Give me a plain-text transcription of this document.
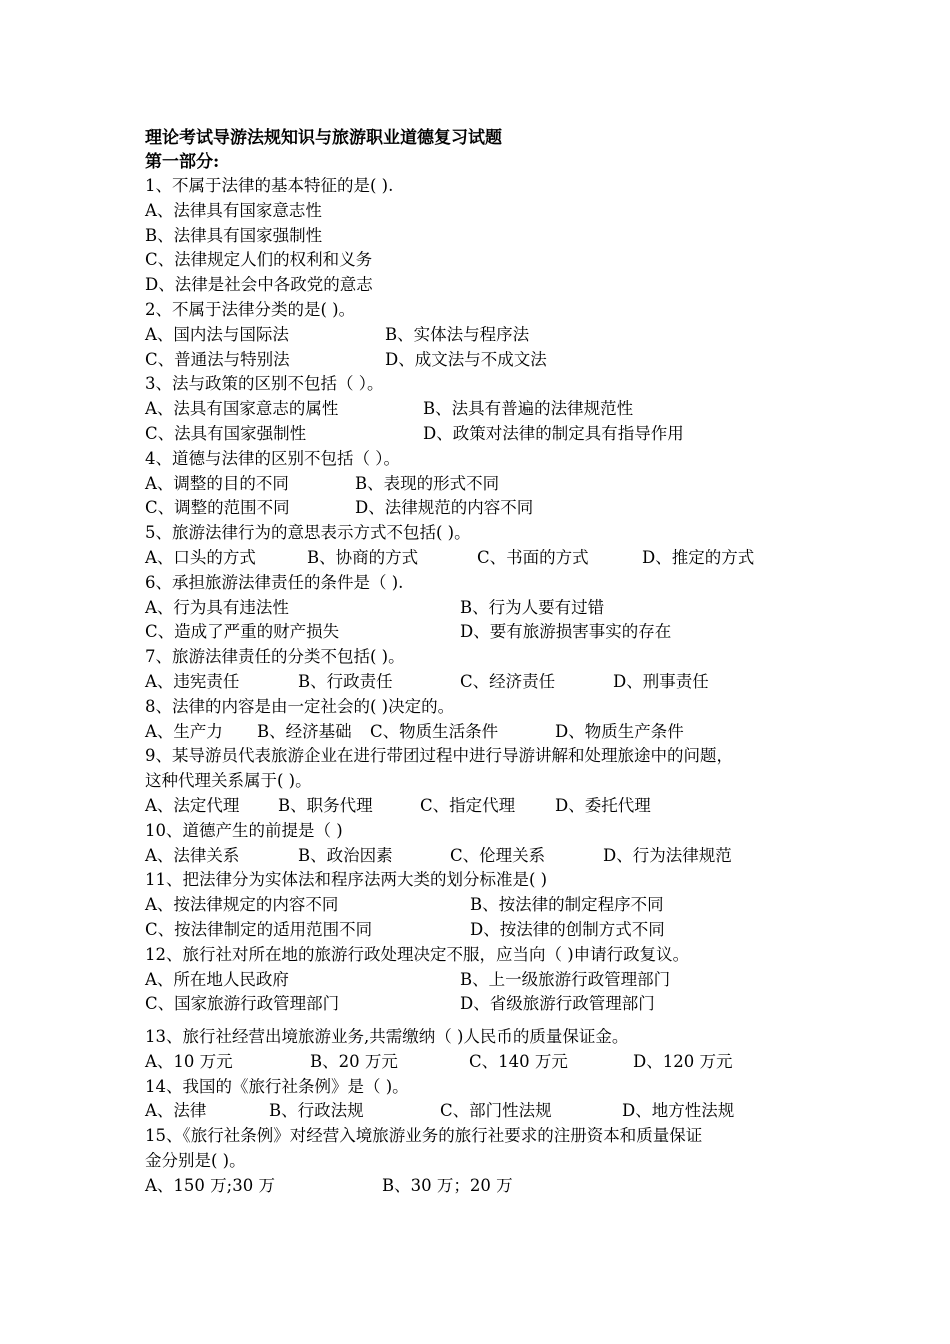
理论考试导游法规知识与旅游职业道德复习试题
第一部分:
1、不属于法律的基本特征的是( ).
A、法律具有国家意志性
B、法律具有国家强制性
C、法律规定人们的权利和义务
D、法律是社会中各政党的意志
2、不属于法律分类的是( )。
A、国内法与国际法	B、实体法与程序法
C、普通法与特别法	D、成文法与不成文法
3、法与政策的区别不包括（ ）。
A、法具有国家意志的属性	B、法具有普遍的法律规范性
C、法具有国家强制性	D、政策对法律的制定具有指导作用
4、道德与法律的区别不包括（ ）。
A、调整的目的不同	B、表现的形式不同
C、调整的范围不同	D、法律规范的内容不同
5、旅游法律行为的意思表示方式不包括( )。
A、口头的方式	B、协商的方式	C、书面的方式	D、推定的方式
6、承担旅游法律责任的条件是（ ).
A、行为具有违法性	B、行为人要有过错
C、造成了严重的财产损失	D、要有旅游损害事实的存在
7、旅游法律责任的分类不包括( )。
A、违宪责任	B、行政责任	C、经济责任	D、刑事责任
8、法律的内容是由一定社会的( )决定的。
A、生产力 B、经济基础 C、物质生活条件	D、物质生产条件
9、某导游员代表旅游企业在进行带团过程中进行导游讲解和处理旅途中的问题，
这种代理关系属于( )。
A、法定代理 B、职务代理	C、指定代理 D、委托代理
10、道德产生的前提是（ )
A、法律关系	B、政治因素	C、伦理关系	D、行为法律规范
11、把法律分为实体法和程序法两大类的划分标准是( )
A、按法律规定的内容不同	B、按法律的制定程序不同
C、按法律制定的适用范围不同	D、按法律的创制方式不同
12、旅行社对所在地的旅游行政处理决定不服，应当向（ )申请行政复议。
A、所在地人民政府	B、上一级旅游行政管理部门
C、国家旅游行政管理部门	D、省级旅游行政管理部门
13、旅行社经营出境旅游业务,共需缴纳（ )人民币的质量保证金。
A、10 万元	B、20 万元	C、140 万元	D、120 万元
14、我国的《旅行社条例》是（ )。
A、法律	B、行政法规	C、部门性法规	D、地方性法规
15、《旅行社条例》对经营入境旅游业务的旅行社要求的注册资本和质量保证
金分别是( )。
A、150 万;30 万	B、30 万；20 万
